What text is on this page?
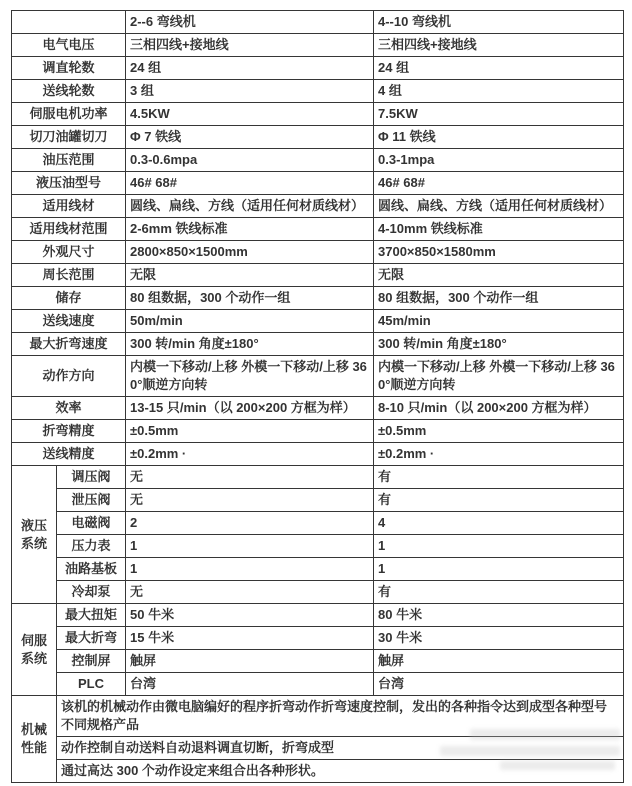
		2--6 弯线机	4--10 弯线机
电气电压		三相四线+接地线	三相四线+接地线
调直轮数		24 组	24 组
送线轮数		3 组	4 组
伺服电机功率		4.5KW	7.5KW
切刀油罐切刀		Φ 7 铁线	Φ 11 铁线
油压范围		0.3-0.6mpa	0.3-1mpa
液压油型号		46# 68#	46# 68#
适用线材		圆线、扁线、方线（适用任何材质线材）	圆线、扁线、方线（适用任何材质线材）
适用线材范围		2-6mm 铁线标准	4-10mm 铁线标准
外观尺寸		2800×850×1500mm	3700×850×1580mm
周长范围		无限	无限
储存		80 组数据，300 个动作一组	80 组数据，300 个动作一组
送线速度		50m/min	45m/min
最大折弯速度		300 转/min 角度±180°	300 转/min 角度±180°
动作方向		内模一下移动/上移 外模一下移动/上移 360°顺逆方向转	内模一下移动/上移 外模一下移动/上移 360°顺逆方向转
效率		13-15 只/min（以 200×200 方框为样）	8-10 只/min（以 200×200 方框为样）
折弯精度		±0.5mm	±0.5mm
送线精度		±0.2mm ·	±0.2mm ·
液压系统	调压阀	无	有
	泄压阀	无	有
	电磁阀	2	4
	压力表	1	1
	油路基板	1	1
	冷却泵	无	有
伺服系统	最大扭矩	50 牛米	80 牛米
	最大折弯	15 牛米	30 牛米
	控制屏	触屏	触屏
	PLC	台湾	台湾
机械性能	该机的机械动作由微电脑编好的程序折弯动作折弯速度控制，发出的各种指令达到成型各种型号不同规格产品		
	动作控制自动送料自动退料调直切断，折弯成型		
	通过高达 300 个动作设定来组合出各种形状。		
